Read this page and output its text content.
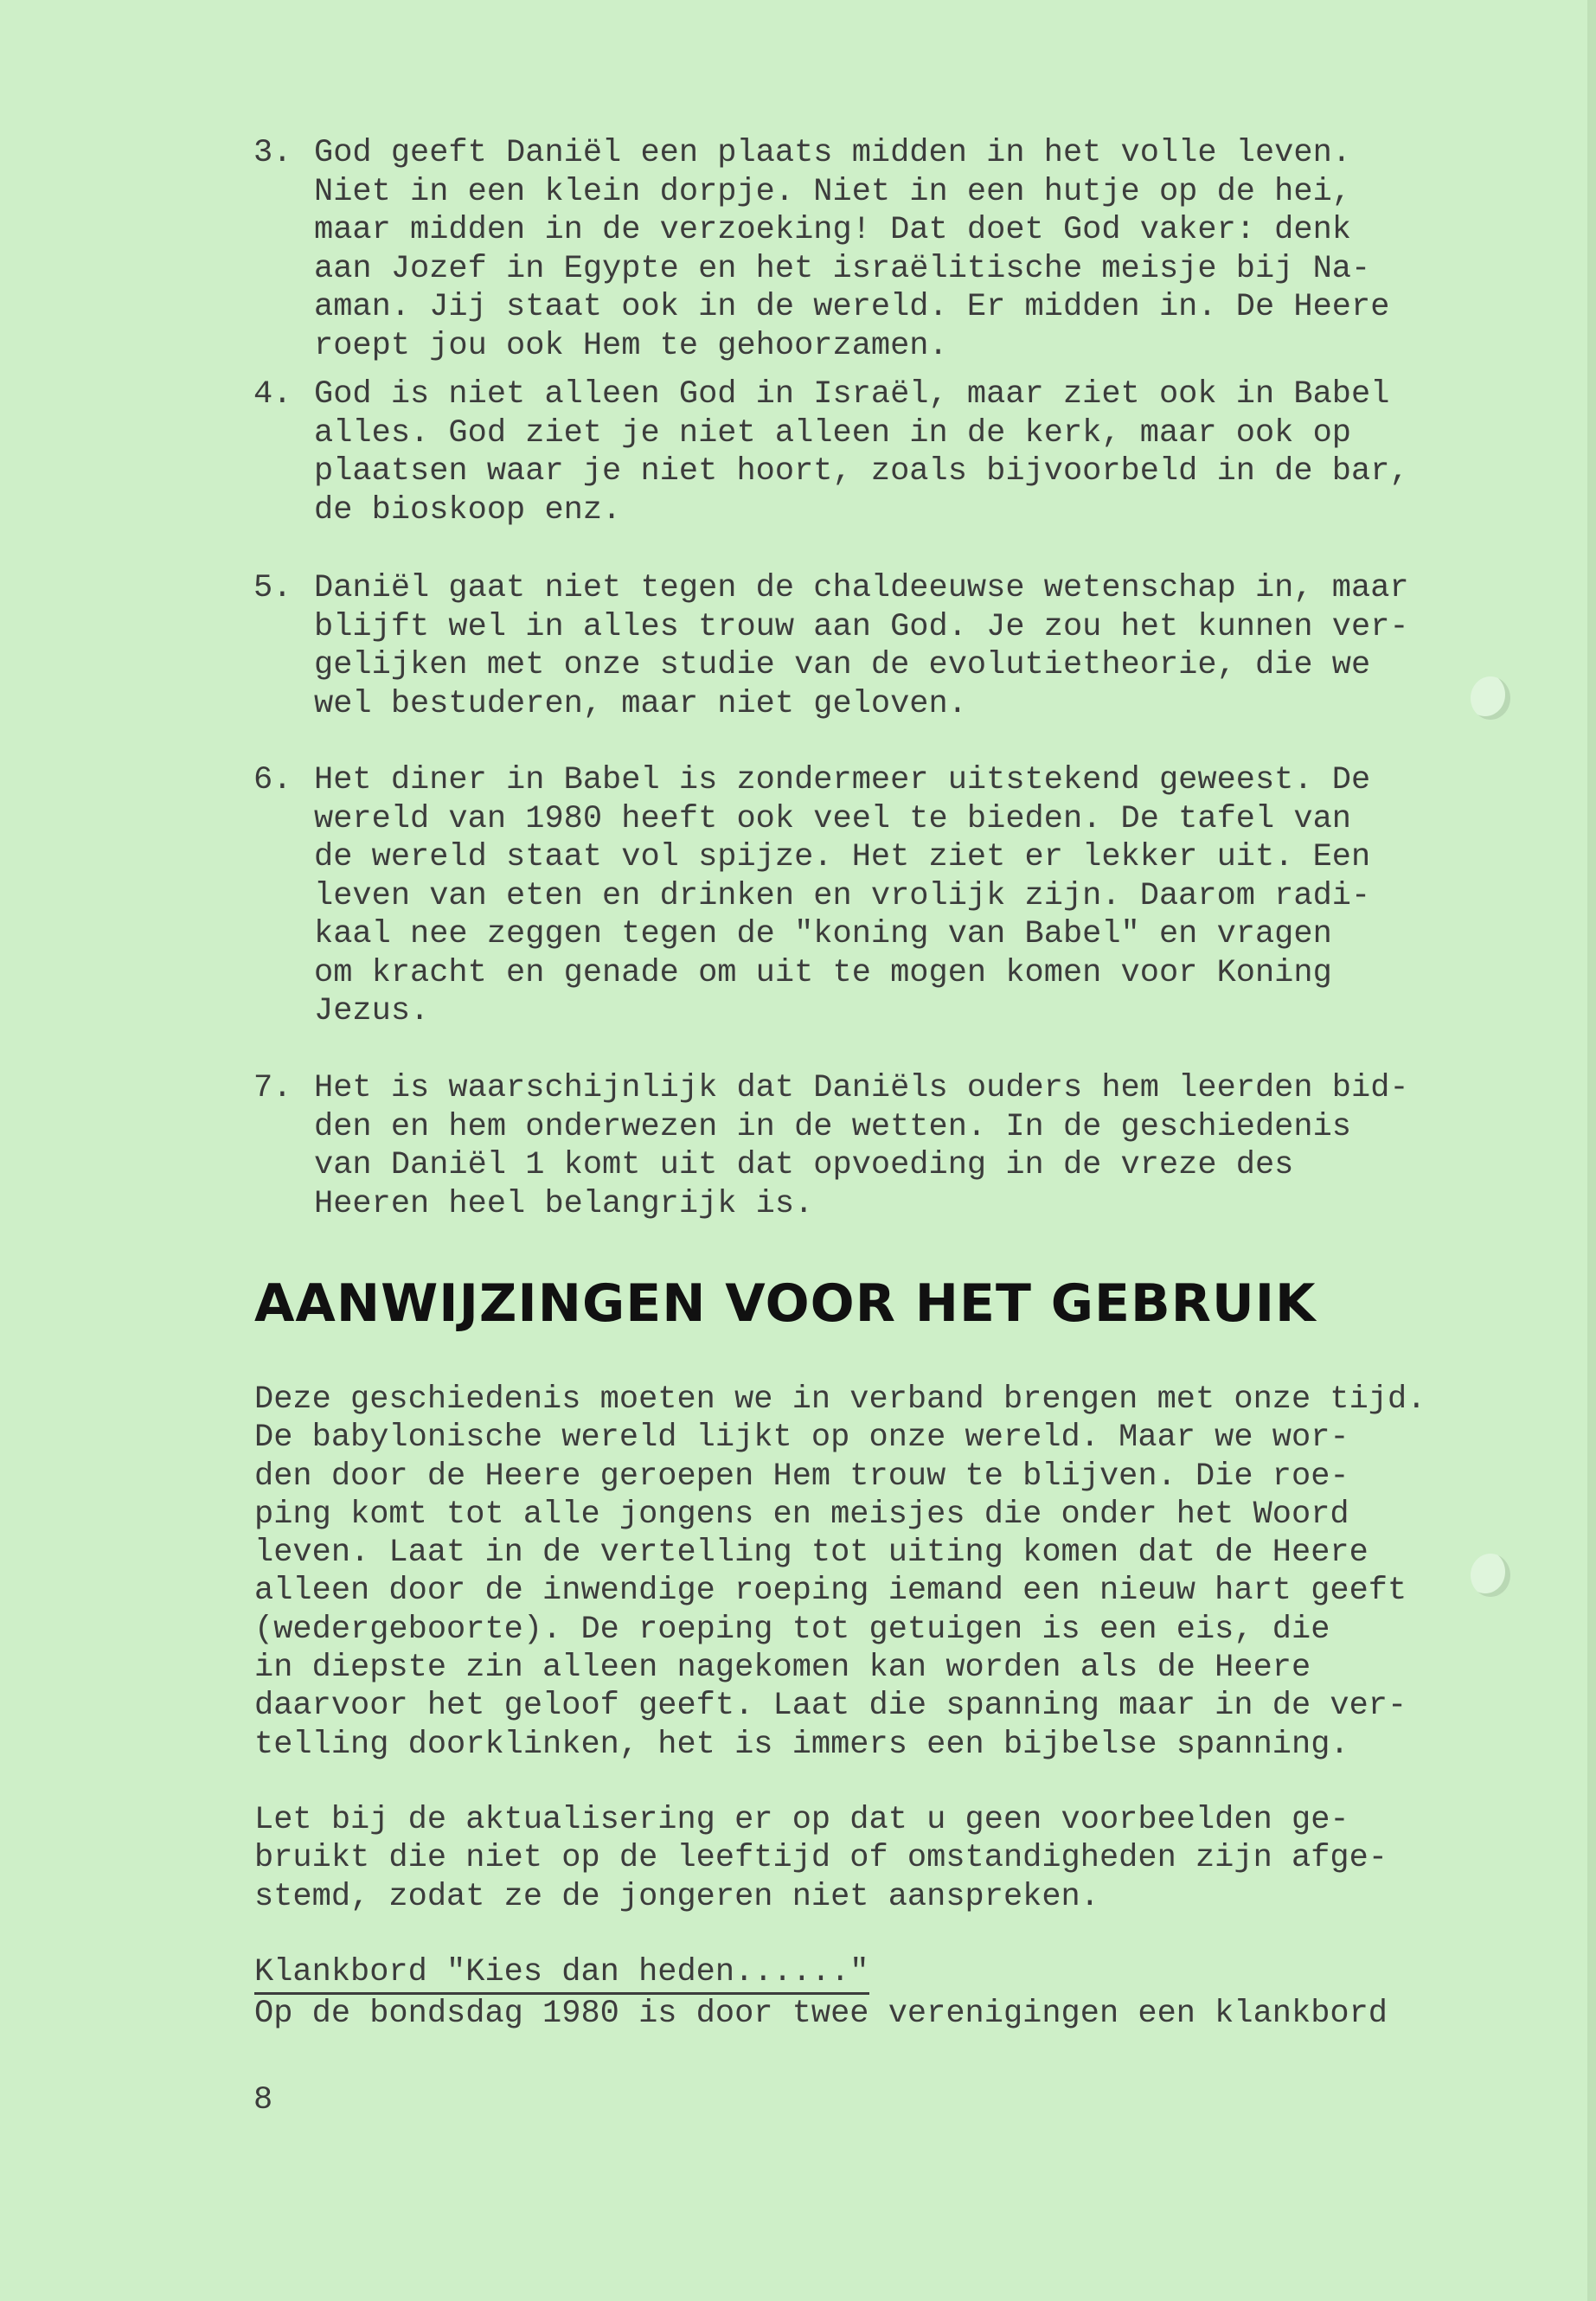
3. God geeft Daniël een plaats midden in het volle leven.
Niet in een klein dorpje. Niet in een hutje op de hei,
maar midden in de verzoeking! Dat doet God vaker: denk
aan Jozef in Egypte en het israëlitische meisje bij Na-
aman. Jij staat ook in de wereld. Er midden in. De Heere
roept jou ook Hem te gehoorzamen.
4. God is niet alleen God in Israël, maar ziet ook in Babel
alles. God ziet je niet alleen in de kerk, maar ook op
plaatsen waar je niet hoort, zoals bijvoorbeld in de bar,
de bioskoop enz.
5. Daniël gaat niet tegen de chaldeeuwse wetenschap in, maar
blijft wel in alles trouw aan God. Je zou het kunnen ver-
gelijken met onze studie van de evolutietheorie, die we
wel bestuderen, maar niet geloven.
6. Het diner in Babel is zondermeer uitstekend geweest. De
wereld van 1980 heeft ook veel te bieden. De tafel van
de wereld staat vol spijze. Het ziet er lekker uit. Een
leven van eten en drinken en vrolijk zijn. Daarom radi-
kaal nee zeggen tegen de "koning van Babel" en vragen
om kracht en genade om uit te mogen komen voor Koning
Jezus.
7. Het is waarschijnlijk dat Daniëls ouders hem leerden bid-
den en hem onderwezen in de wetten. In de geschiedenis
van Daniël 1 komt uit dat opvoeding in de vreze des
Heeren heel belangrijk is.
AANWIJZINGEN VOOR HET GEBRUIK

Deze geschiedenis moeten we in verband brengen met onze tijd.
De babylonische wereld lijkt op onze wereld. Maar we wor-
den door de Heere geroepen Hem trouw te blijven. Die roe-
ping komt tot alle jongens en meisjes die onder het Woord
leven. Laat in de vertelling tot uiting komen dat de Heere
alleen door de inwendige roeping iemand een nieuw hart geeft
(wedergeboorte). De roeping tot getuigen is een eis, die
in diepste zin alleen nagekomen kan worden als de Heere
daarvoor het geloof geeft. Laat die spanning maar in de ver-
telling doorklinken, het is immers een bijbelse spanning.

Let bij de aktualisering er op dat u geen voorbeelden ge-
bruikt die niet op de leeftijd of omstandigheden zijn afge-
stemd, zodat ze de jongeren niet aanspreken.

Klankbord "Kies dan heden......"
Op de bondsdag 1980 is door twee verenigingen een klankbord
8
